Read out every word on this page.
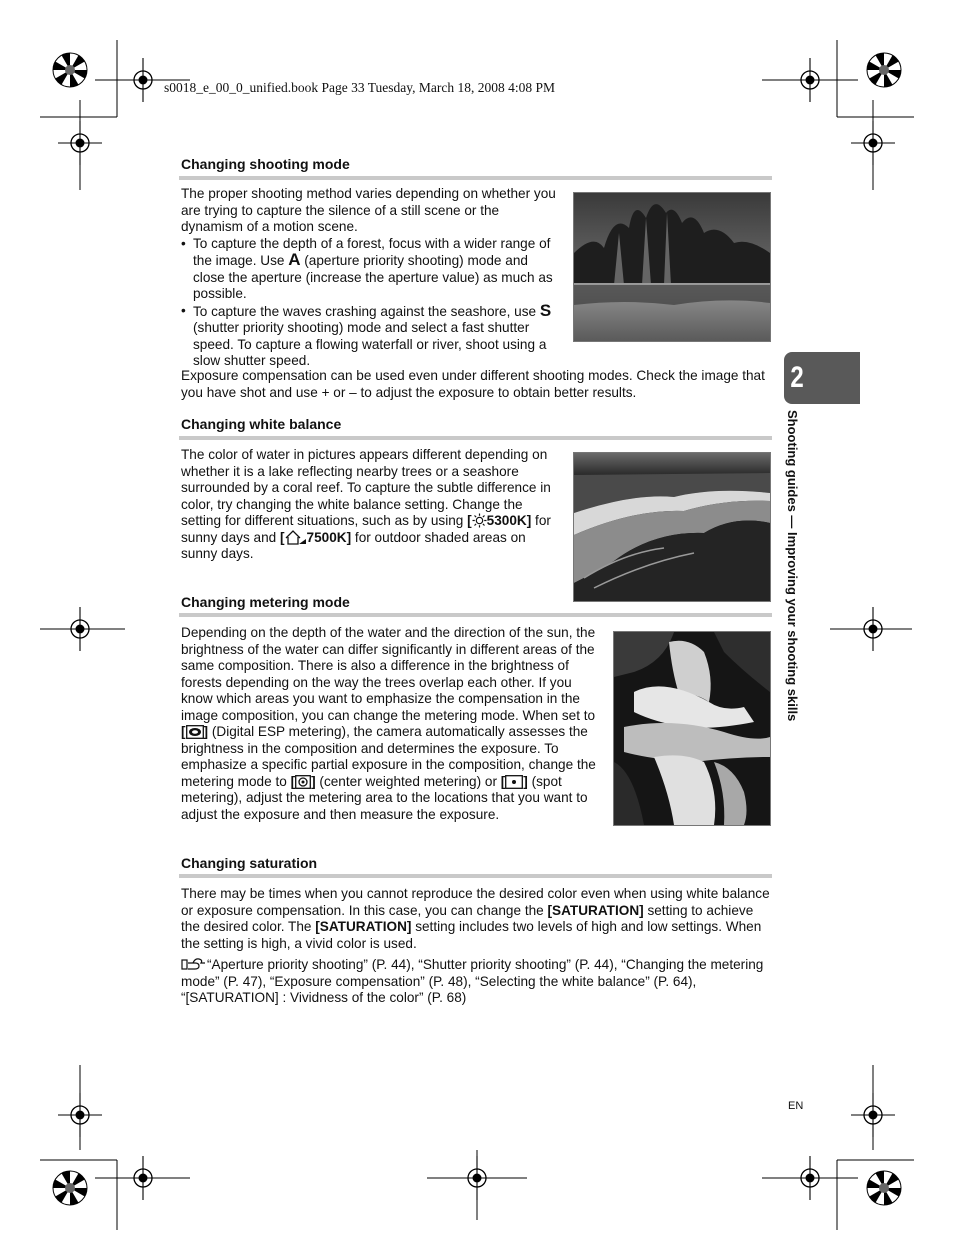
s0018_e_00_0_unified.book Page 33 Tuesday, March 18, 2008 4:08 PM
Changing shooting mode

The proper shooting method varies depending on whether you are trying to capture the silence of a still scene or the dynamism of a motion scene.

• To capture the depth of a forest, focus with a wider range of the image. Use A (aperture priority shooting) mode and close the aperture (increase the aperture value) as much as possible.
• To capture the waves crashing against the seashore, use S (shutter priority shooting) mode and select a fast shutter speed. To capture a flowing waterfall or river, shoot using a slow shutter speed.
Exposure compensation can be used even under different shooting modes. Check the image that you have shot and use + or – to adjust the exposure to obtain better results.
Changing white balance
The color of water in pictures appears different depending on whether it is a lake reflecting nearby trees or a seashore surrounded by a coral reef. To capture the subtle difference in color, try changing the white balance setting. Change the setting for different situations, such as by using [ 5300K] for sunny days and [ 7500K] for outdoor shaded areas on sunny days.
Changing metering mode
Depending on the depth of the water and the direction of the sun, the brightness of the water can differ significantly in different areas of the same composition. There is also a difference in the brightness of forests depending on the way the trees overlap each other. If you know which areas you want to emphasize the compensation in the image composition, you can change the metering mode. When set to [ ] (Digital ESP metering), the camera automatically assesses the brightness in the composition and determines the exposure. To emphasize a specific partial exposure in the composition, change the metering mode to [ ] (center weighted metering) or [ ] (spot metering), adjust the metering area to the locations that you want to adjust the exposure and then measure the exposure.
Changing saturation
There may be times when you cannot reproduce the desired color even when using white balance or exposure compensation. In this case, you can change the [SATURATION] setting to achieve the desired color. The [SATURATION] setting includes two levels of high and low settings. When the setting is high, a vivid color is used.
“Aperture priority shooting” (P. 44), “Shutter priority shooting” (P. 44), “Changing the metering mode” (P. 47), “Exposure compensation” (P. 48), “Selecting the white balance” (P. 64), “[SATURATION] : Vividness of the color” (P. 68)
2
Shooting guides — Improving your shooting skills
EN
